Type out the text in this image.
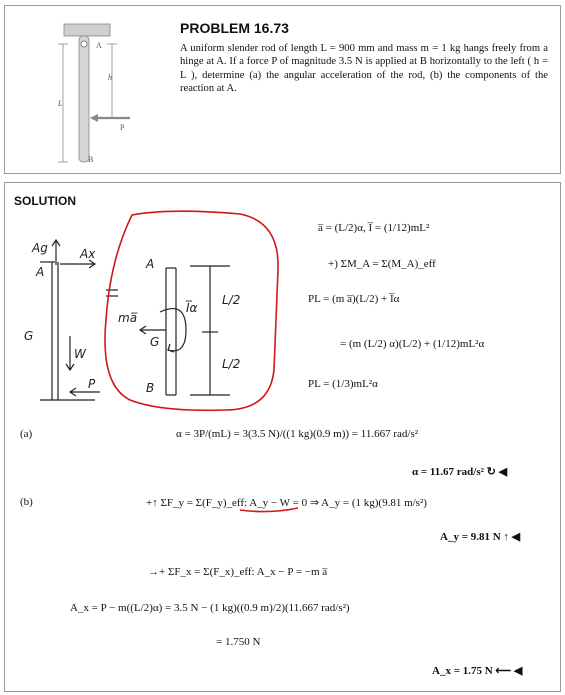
PROBLEM 16.73
A uniform slender rod of length L = 900 mm and mass m = 1 kg hangs freely from a hinge at A. If a force P of magnitude 3.5 N is applied at B horizontally to the left ( h = L ), determine (a) the angular acceleration of the rod, (b) the components of the reaction at A.
A
B
L
h
P
SOLUTION
Ag	Ax
A
G
W
P
A
ma̅
I̅α
G
B
L/2
L/2
a̅ = (L/2)α, I̅ = (1/12)mL²
+) ΣM_A = Σ(M_A)_eff
PL = (m a̅)(L/2) + I̅α
= (m (L/2) α)(L/2) + (1/12)mL²α
PL = (1/3)mL²α
(a)	α = 3P/(mL) = 3(3.5 N)/((1 kg)(0.9 m)) = 11.667 rad/s²
α = 11.67 rad/s² ↻ ◀
(b)	+↑ ΣF_y = Σ(F_y)_eff: A_y − W = 0 ⇒ A_y = (1 kg)(9.81 m/s²)
A_y = 9.81 N ↑ ◀
→+ ΣF_x = Σ(F_x)_eff: A_x − P = −m a̅
A_x = P − m((L/2)α) = 3.5 N − (1 kg)((0.9 m)/2)(11.667 rad/s²)
= 1.750 N
A_x = 1.75 N ⟵ ◀
